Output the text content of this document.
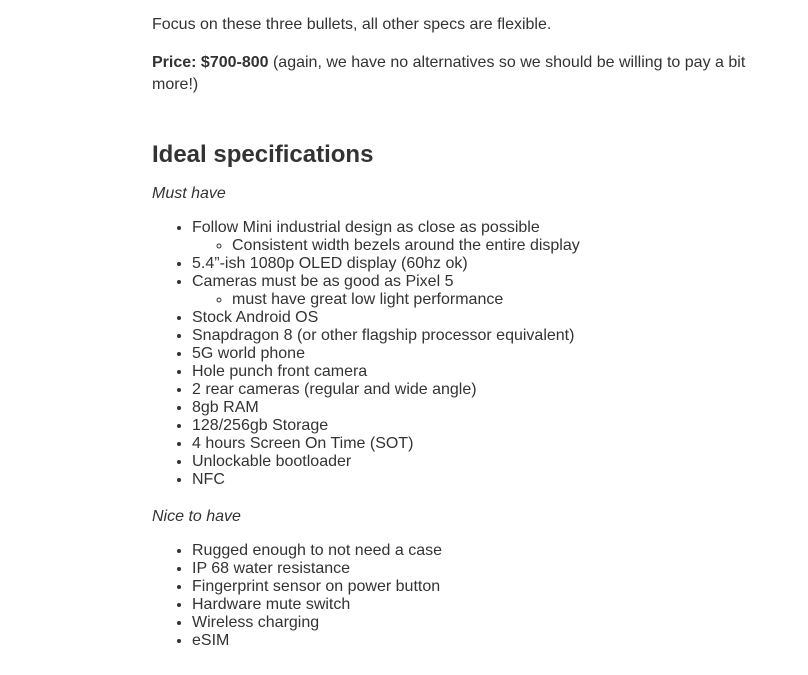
Focus on these three bullets, all other specs are flexible.

Price: $700-800 (again, we have no alternatives so we should be willing to pay a bit more!)

Ideal specifications

Must have

• Follow Mini industrial design as close as possible
◦ Consistent width bezels around the entire display
• 5.4”-ish 1080p OLED display (60hz ok)
• Cameras must be as good as Pixel 5
◦ must have great low light performance
• Stock Android OS
• Snapdragon 8 (or other flagship processor equivalent)
• 5G world phone
• Hole punch front camera
• 2 rear cameras (regular and wide angle)
• 8gb RAM
• 128/256gb Storage
• 4 hours Screen On Time (SOT)
• Unlockable bootloader
• NFC

Nice to have

• Rugged enough to not need a case
• IP 68 water resistance
• Fingerprint sensor on power button
• Hardware mute switch
• Wireless charging
• eSIM
